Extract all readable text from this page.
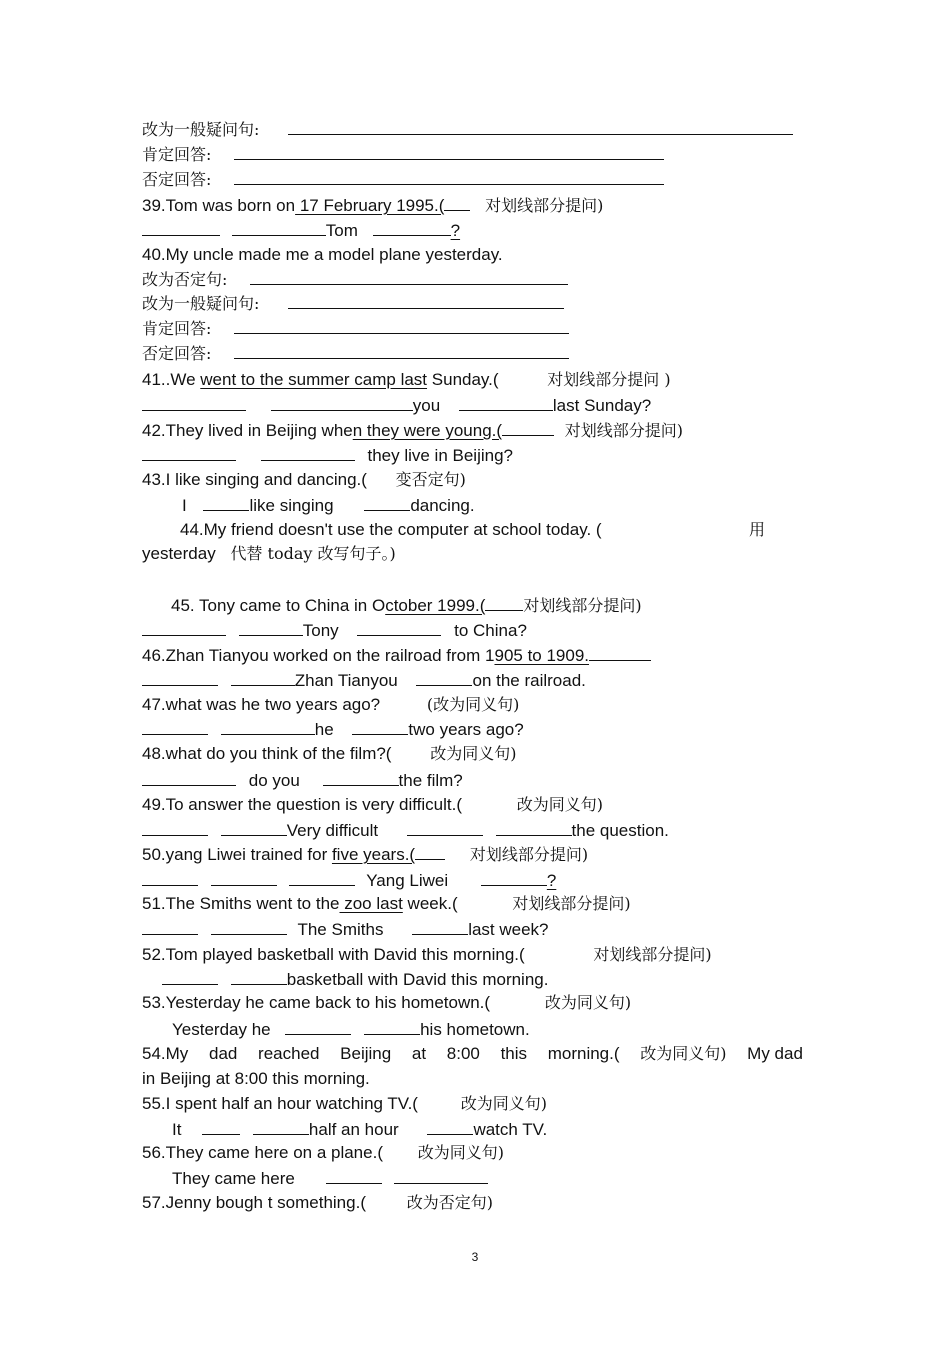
改为一般疑问句:
肯定回答:
否定回答:
39.Tom was born on 17 February 1995.(	对划线部分提问)
Tom	?
40.My uncle made me a model plane yesterday.
改为否定句:
改为一般疑问句:
肯定回答:
否定回答:
41..We went to the summer camp last Sunday.(	对划线部分提问 )
you	last Sunday?
42.They lived in Beijing when they were young.(	对划线部分提问)
they live in Beijing?
43.I like singing and dancing.( 变否定句)
I	like singing	dancing.
44.My friend doesn't use the computer at school today. (	用
yesterday 代替 today 改写句子。)
45. Tony came to China in October 1999.( 对划线部分提问)
Tony	to China?
46.Zhan Tianyou worked on the railroad from 1905 to 1909.
Zhan Tianyou	on the railroad.
47.what was he two years ago?	(改为同义句)
he	two years ago?
48.what do you think of the film?( 改为同义句)
do you	the film?
49.To answer the question is very difficult.(	改为同义句)
Very difficult	the question.
50.yang Liwei trained for five years.(	对划线部分提问)
Yang Liwei	?
51.The Smiths went to the zoo last week.(	对划线部分提问)
The Smiths	last week?
52.Tom played basketball with David this morning.(	对划线部分提问)
basketball with David this morning.
53.Yesterday he came back to his hometown.(	改为同义句)
Yesterday he	his hometown.
54.My dad reached Beijing at 8:00 this morning.( 改为同义句) My dad
in Beijing at 8:00 this morning.
55.I spent half an hour watching TV.(	改为同义句)
It	half an hour	watch TV.
56.They came here on a plane.( 改为同义句)
They came here
57.Jenny bough t something.(	改为否定句)
3
